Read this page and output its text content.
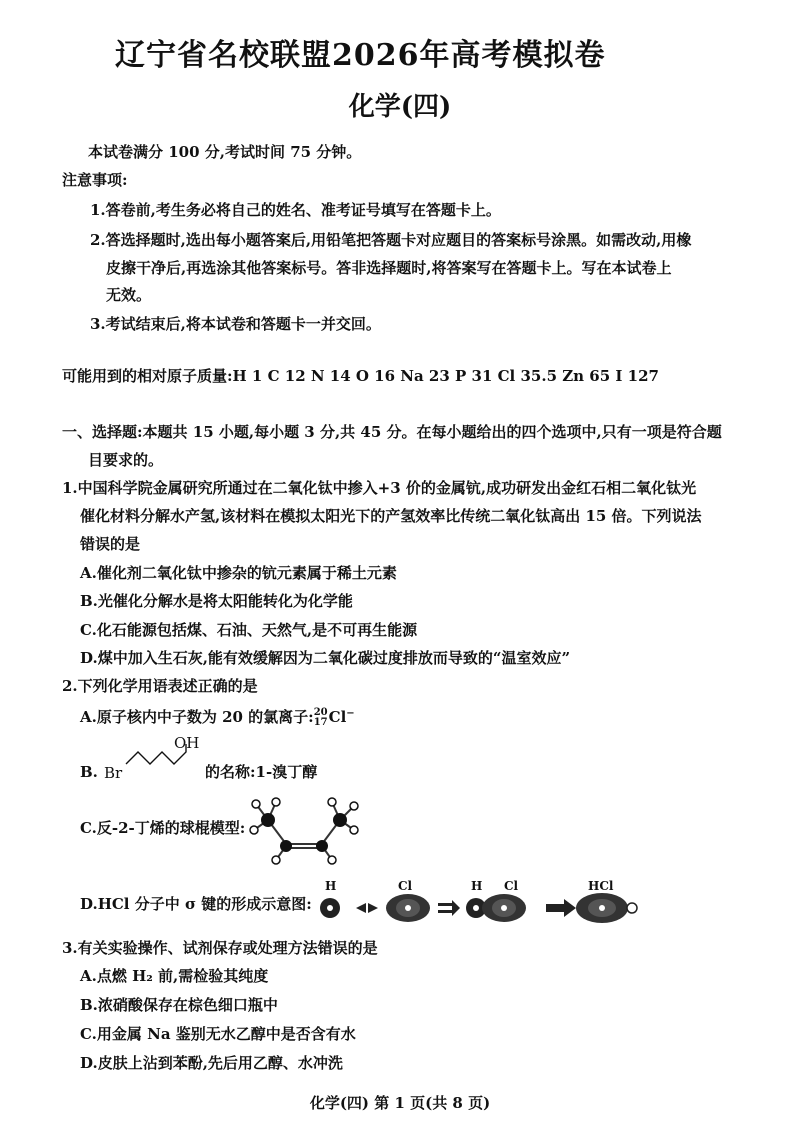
辽宁省名校联盟2026年高考模拟卷
化学(四)
本试卷满分 100 分,考试时间 75 分钟。
注意事项:
1.答卷前,考生务必将自己的姓名、准考证号填写在答题卡上。
2.答选择题时,选出每小题答案后,用铅笔把答题卡对应题目的答案标号涂黑。如需改动,用橡
皮擦干净后,再选涂其他答案标号。答非选择题时,将答案写在答题卡上。写在本试卷上
无效。
3.考试结束后,将本试卷和答题卡一并交回。
可能用到的相对原子质量:H 1 C 12 N 14 O 16 Na 23 P 31 Cl 35.5 Zn 65 I 127
一、选择题:本题共 15 小题,每小题 3 分,共 45 分。在每小题给出的四个选项中,只有一项是符合题
目要求的。
1.中国科学院金属研究所通过在二氧化钛中掺入+3 价的金属钪,成功研发出金红石相二氧化钛光
催化材料分解水产氢,该材料在模拟太阳光下的产氢效率比传统二氧化钛高出 15 倍。下列说法
错误的是
A.催化剂二氧化钛中掺杂的钪元素属于稀土元素
B.光催化分解水是将太阳能转化为化学能
C.化石能源包括煤、石油、天然气,是不可再生能源
D.煤中加入生石灰,能有效缓解因为二氧化碳过度排放而导致的“温室效应”
2.下列化学用语表述正确的是
A.原子核内中子数为 20 的氯离子: 20
17 Cl−
B. Br
OH
的名称:1-溴丁醇
C.反-2-丁烯的球棍模型:
D.HCl 分子中 σ 键的形成示意图:
H	Cl	H Cl	HCl
3.有关实验操作、试剂保存或处理方法错误的是
A.点燃 H₂ 前,需检验其纯度
B.浓硝酸保存在棕色细口瓶中
C.用金属 Na 鉴别无水乙醇中是否含有水
D.皮肤上沾到苯酚,先后用乙醇、水冲洗
化学(四) 第 1 页(共 8 页)
